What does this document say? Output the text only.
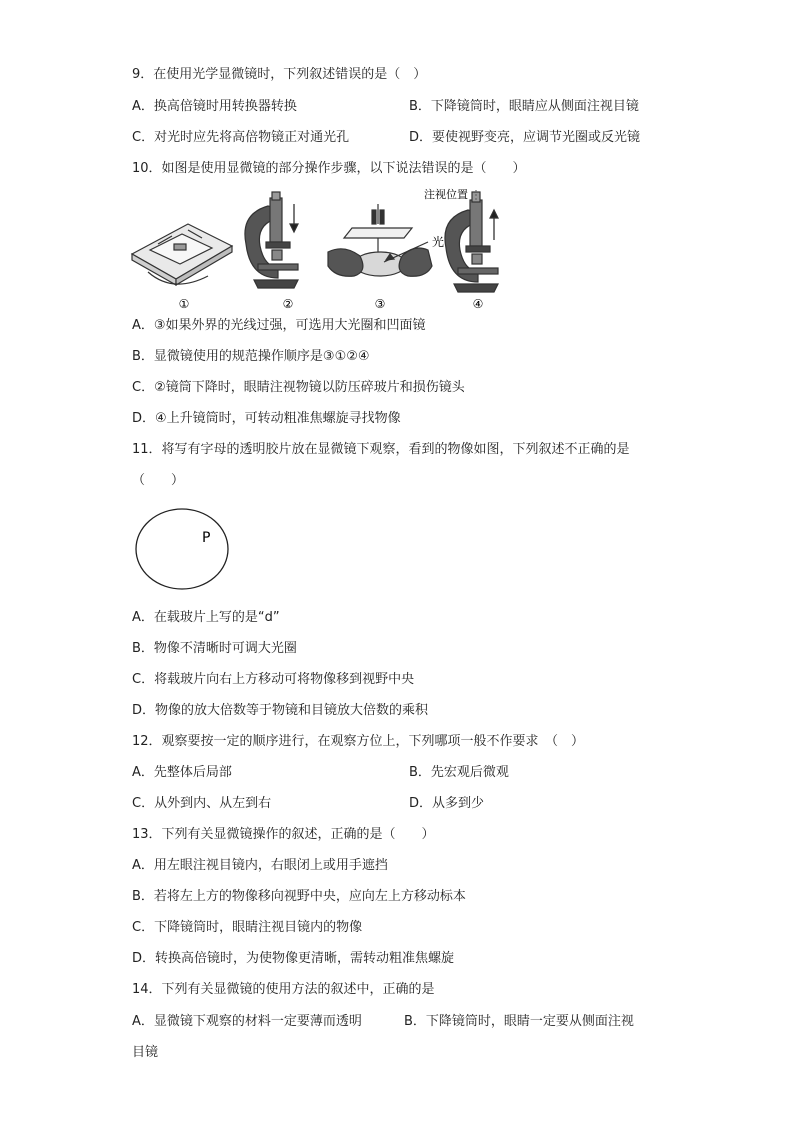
9．在使用光学显微镜时，下列叙述错误的是（　）
A．换高倍镜时用转换器转换	B．下降镜筒时，眼睛应从侧面注视目镜
C．对光时应先将高倍物镜正对通光孔	D．要使视野变亮，应调节光圈或反光镜
10．如图是使用显微镜的部分操作步骤，以下说法错误的是（　　）
①	②
光
③
注视位置
④
A．③如果外界的光线过强，可选用大光圈和凹面镜
B．显微镜使用的规范操作顺序是③①②④
C．②镜筒下降时，眼睛注视物镜以防压碎玻片和损伤镜头
D．④上升镜筒时，可转动粗准焦螺旋寻找物像
11．将写有字母的透明胶片放在显微镜下观察，看到的物像如图，下列叙述不正确的是
（　　）
P
A．在载玻片上写的是“d”
B．物像不清晰时可调大光圈
C．将载玻片向右上方移动可将物像移到视野中央
D．物像的放大倍数等于物镜和目镜放大倍数的乘积
12．观察要按一定的顺序进行，在观察方位上，下列哪项一般不作要求　（　）
A．先整体后局部	B．先宏观后微观
C．从外到内、从左到右	D．从多到少
13．下列有关显微镜操作的叙述，正确的是（　　）
A．用左眼注视目镜内，右眼闭上或用手遮挡
B．若将左上方的物像移向视野中央，应向左上方移动标本
C．下降镜筒时，眼睛注视目镜内的物像
D．转换高倍镜时，为使物像更清晰，需转动粗准焦螺旋
14．下列有关显微镜的使用方法的叙述中，正确的是
A．显微镜下观察的材料一定要薄而透明	B．下降镜筒时，眼睛一定要从侧面注视
目镜
